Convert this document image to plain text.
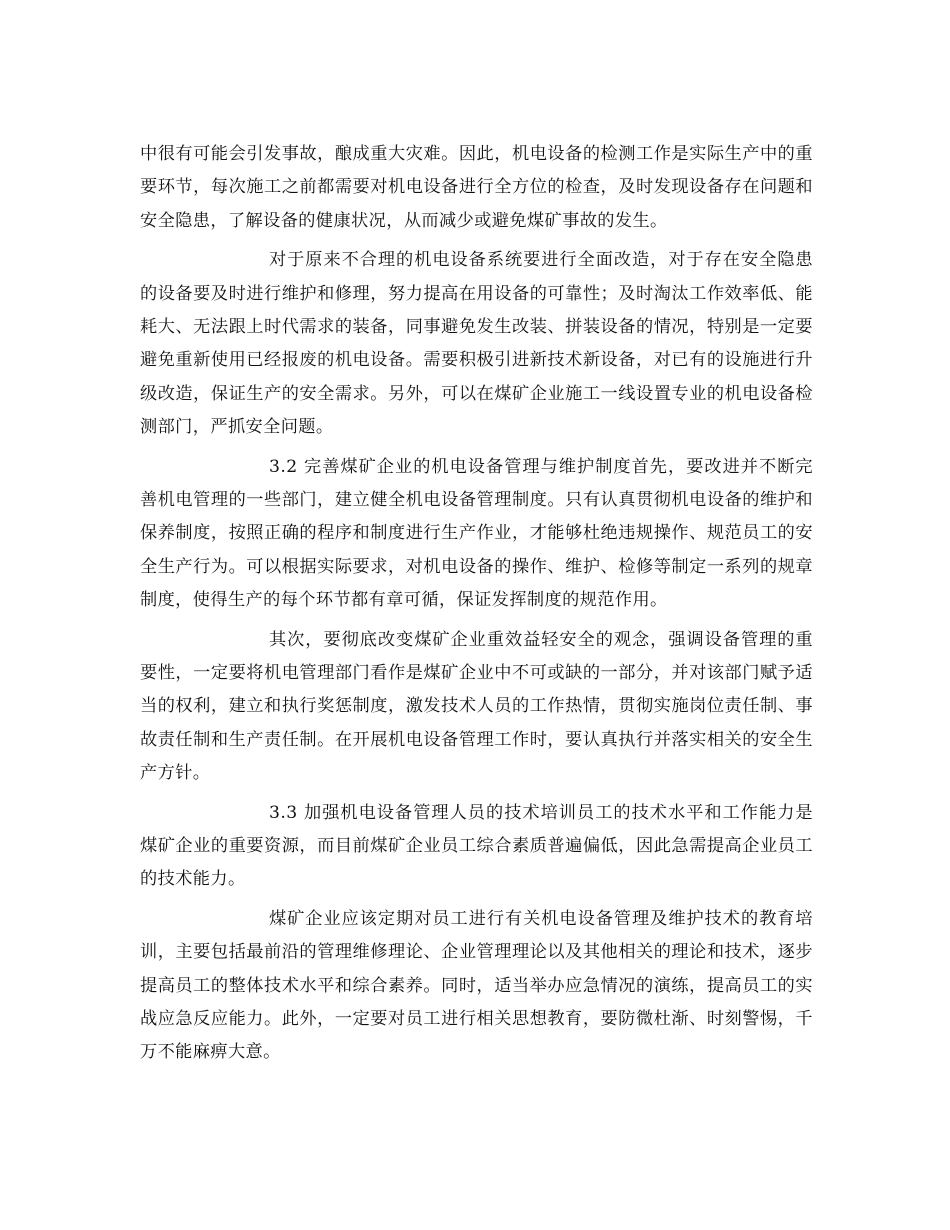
中很有可能会引发事故，酿成重大灾难。因此，机电设备的检测工作是实际生产中的重要环节，每次施工之前都需要对机电设备进行全方位的检查，及时发现设备存在问题和安全隐患，了解设备的健康状况，从而减少或避免煤矿事故的发生。

对于原来不合理的机电设备系统要进行全面改造，对于存在安全隐患的设备要及时进行维护和修理，努力提高在用设备的可靠性；及时淘汰工作效率低、能耗大、无法跟上时代需求的装备，同事避免发生改装、拼装设备的情况，特别是一定要避免重新使用已经报废的机电设备。需要积极引进新技术新设备，对已有的设施进行升级改造，保证生产的安全需求。另外，可以在煤矿企业施工一线设置专业的机电设备检测部门，严抓安全问题。

3.2 完善煤矿企业的机电设备管理与维护制度首先，要改进并不断完善机电管理的一些部门，建立健全机电设备管理制度。只有认真贯彻机电设备的维护和保养制度，按照正确的程序和制度进行生产作业，才能够杜绝违规操作、规范员工的安全生产行为。可以根据实际要求，对机电设备的操作、维护、检修等制定一系列的规章制度，使得生产的每个环节都有章可循，保证发挥制度的规范作用。

其次，要彻底改变煤矿企业重效益轻安全的观念，强调设备管理的重要性，一定要将机电管理部门看作是煤矿企业中不可或缺的一部分，并对该部门赋予适当的权利，建立和执行奖惩制度，激发技术人员的工作热情，贯彻实施岗位责任制、事故责任制和生产责任制。在开展机电设备管理工作时，要认真执行并落实相关的安全生产方针。

3.3 加强机电设备管理人员的技术培训员工的技术水平和工作能力是煤矿企业的重要资源，而目前煤矿企业员工综合素质普遍偏低，因此急需提高企业员工的技术能力。

煤矿企业应该定期对员工进行有关机电设备管理及维护技术的教育培训，主要包括最前沿的管理维修理论、企业管理理论以及其他相关的理论和技术，逐步提高员工的整体技术水平和综合素养。同时，适当举办应急情况的演练，提高员工的实战应急反应能力。此外，一定要对员工进行相关思想教育，要防微杜渐、时刻警惕，千万不能麻痹大意。
